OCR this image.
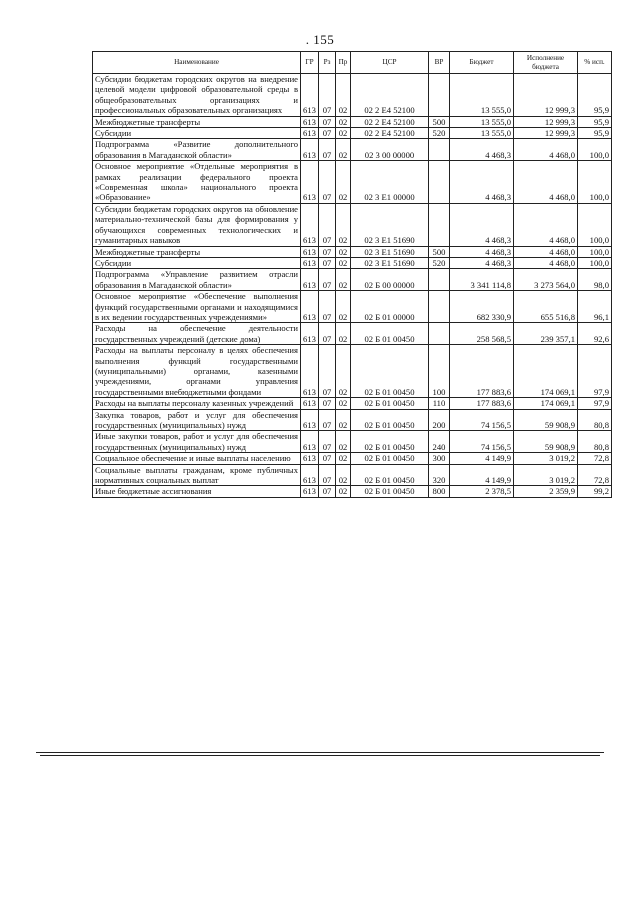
. 155
Наименование	ГР	Рз	Пр	ЦСР	ВР	Бюджет	Исполнение бюджета	% исп.
Субсидии бюджетам городских округов на внедрение целевой модели цифровой образовательной среды в общеобразовательных организациях и профессиональных образовательных организациях	613	07	02	02 2 E4 52100		13 555,0	12 999,3	95,9
Межбюджетные трансферты	613	07	02	02 2 E4 52100	500	13 555,0	12 999,3	95,9
Субсидии	613	07	02	02 2 E4 52100	520	13 555,0	12 999,3	95,9
Подпрограмма «Развитие дополнительного образования в Магаданской области»	613	07	02	02 3 00 00000		4 468,3	4 468,0	100,0
Основное мероприятие «Отдельные мероприятия в рамках реализации федерального проекта «Современная школа» национального проекта «Образование»	613	07	02	02 3 E1 00000		4 468,3	4 468,0	100,0
Субсидии бюджетам городских округов на обновление материально-технической базы для формирования у обучающихся современных технологических и гуманитарных навыков	613	07	02	02 3 E1 51690		4 468,3	4 468,0	100,0
Межбюджетные трансферты	613	07	02	02 3 E1 51690	500	4 468,3	4 468,0	100,0
Субсидии	613	07	02	02 3 E1 51690	520	4 468,3	4 468,0	100,0
Подпрограмма «Управление развитием отрасли образования в Магаданской области»	613	07	02	02 Б 00 00000		3 341 114,8	3 273 564,0	98,0
Основное мероприятие «Обеспечение выполнения функций государственными органами и находящимися в их ведении государственных учреждениями»	613	07	02	02 Б 01 00000		682 330,9	655 516,8	96,1
Расходы на обеспечение деятельности государственных учреждений (детские дома)	613	07	02	02 Б 01 00450		258 568,5	239 357,1	92,6
Расходы на выплаты персоналу в целях обеспечения выполнения функций государственными (муниципальными) органами, казенными учреждениями, органами управления государственными внебюджетными фондами	613	07	02	02 Б 01 00450	100	177 883,6	174 069,1	97,9
Расходы на выплаты персоналу казенных учреждений	613	07	02	02 Б 01 00450	110	177 883,6	174 069,1	97,9
Закупка товаров, работ и услуг для обеспечения государственных (муниципальных) нужд	613	07	02	02 Б 01 00450	200	74 156,5	59 908,9	80,8
Иные закупки товаров, работ и услуг для обеспечения государственных (муниципальных) нужд	613	07	02	02 Б 01 00450	240	74 156,5	59 908,9	80,8
Социальное обеспечение и иные выплаты населению	613	07	02	02 Б 01 00450	300	4 149,9	3 019,2	72,8
Социальные выплаты гражданам, кроме публичных нормативных социальных выплат	613	07	02	02 Б 01 00450	320	4 149,9	3 019,2	72,8
Иные бюджетные ассигнования	613	07	02	02 Б 01 00450	800	2 378,5	2 359,9	99,2
